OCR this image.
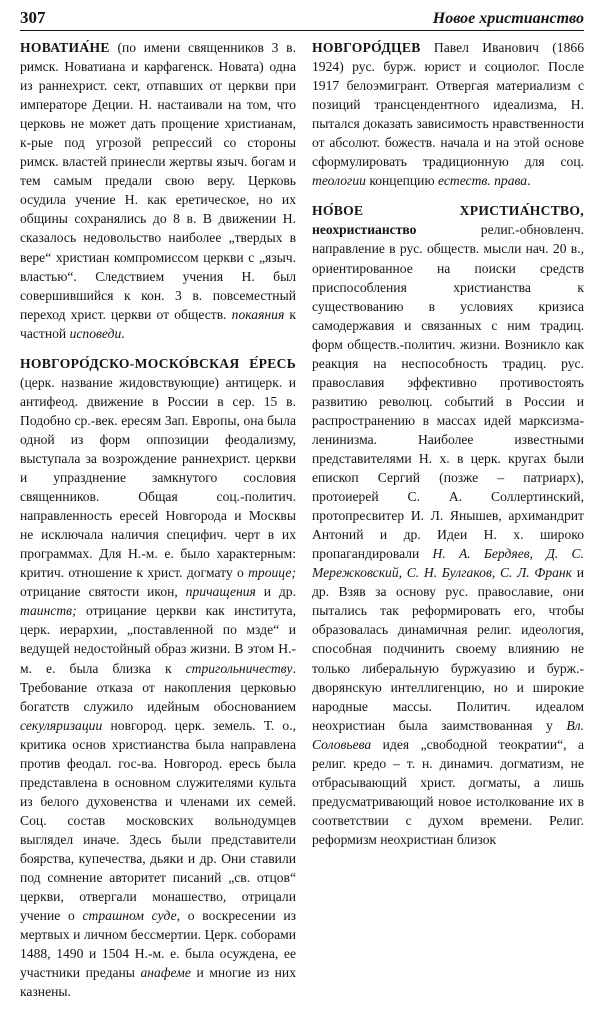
307	Новое христианство

НОВАТИА́НЕ (по имени священников 3 в. римск. Новатиана и карфагенск. Новата) одна из раннехрист. сект, отпавших от церкви при императоре Деции. Н. настаивали на том, что церковь не может дать прощение христианам, к-рые под угрозой репрессий со стороны римск. властей принесли жертвы языч. богам и тем самым предали свою веру. Церковь осудила учение Н. как еретическое, но их общины сохранялись до 8 в. В движении Н. сказалось недовольство наиболее „твердых в вере“ христиан компромиссом церкви с „языч. властью“. Следствием учения Н. был совершившийся к кон. 3 в. повсеместный переход христ. церкви от обществ. покаяния к частной исповеди.

НОВГОРО́ДСКО-МОСКО́ВСКАЯ Е́РЕСЬ (церк. название жидовствующие) антицерк. и антифеод. движение в России в сер. 15 в. Подобно ср.-век. ересям Зап. Европы, она была одной из форм оппозиции феодализму, выступала за возрождение раннехрист. церкви и упразднение замкнутого сословия священников. Общая соц.-политич. направленность ересей Новгорода и Москвы не исключала наличия специфич. черт в их программах. Для Н.-м. е. было характерным: критич. отношение к христ. догмату о троице; отрицание святости икон, причащения и др. таинств; отрицание церкви как института, церк. иерархии, „поставленной по мзде“ и ведущей недостойный образ жизни. В этом Н.-м. е. была близка к стригольничеству. Требование отказа от накопления церковью богатств служило идейным обоснованием секуляризации новгород. церк. земель. Т. о., критика основ христианства была направлена против феодал. гос-ва. Новгород. ересь была представлена в основном служителями культа из белого духовенства и членами их семей. Соц. состав московских вольнодумцев выглядел иначе. Здесь были представители боярства, купечества, дьяки и др. Они ставили под сомнение авторитет писаний „св. отцов“ церкви, отвергали монашество, отрицали учение о страшном суде, о воскресении из мертвых и личном бессмертии. Церк. соборами 1488, 1490 и 1504 Н.-м. е. была осуждена, ее участники преданы анафеме и многие из них казнены.

НОВГОРО́ДЦЕВ Павел Иванович (1866 1924) рус. бурж. юрист и социолог. После 1917 белоэмигрант. Отвергая материализм с позиций трансцендентного идеализма, Н. пытался доказать зависимость нравственности от абсолют. божеств. начала и на этой основе сформулировать традиционную для соц. теологии концепцию естеств. права.

НО́ВОЕ ХРИСТИА́НСТВО, неохристианство религ.-обновленч. направление в рус. обществ. мысли нач. 20 в., ориентированное на поиски средств приспособления христианства к существованию в условиях кризиса самодержавия и связанных с ним традиц. форм обществ.-политич. жизни. Возникло как реакция на неспособность традиц. рус. православия эффективно противостоять развитию революц. событий в России и распространению в массах идей марксизма-ленинизма. Наиболее известными представителями Н. х. в церк. кругах были епископ Сергий (позже – патриарх), протоиерей С. А. Соллертинский, протопресвитер И. Л. Янышев, архимандрит Антоний и др. Идеи Н. х. широко пропагандировали Н. А. Бердяев, Д. С. Мережковский, С. Н. Булгаков, С. Л. Франк и др. Взяв за основу рус. православие, они пытались так реформировать его, чтобы образовалась динамичная религ. идеология, способная подчинить своему влиянию не только либеральную буржуазию и бурж.-дворянскую интеллигенцию, но и широкие народные массы. Политич. идеалом неохристиан была заимствованная у Вл. Соловьева идея „свободной теократии“, а религ. кредо – т. н. динамич. догматизм, не отбрасывающий христ. догматы, а лишь предусматривающий новое истолкование их в соответствии с духом времени. Религ. реформизм неохристиан близок
